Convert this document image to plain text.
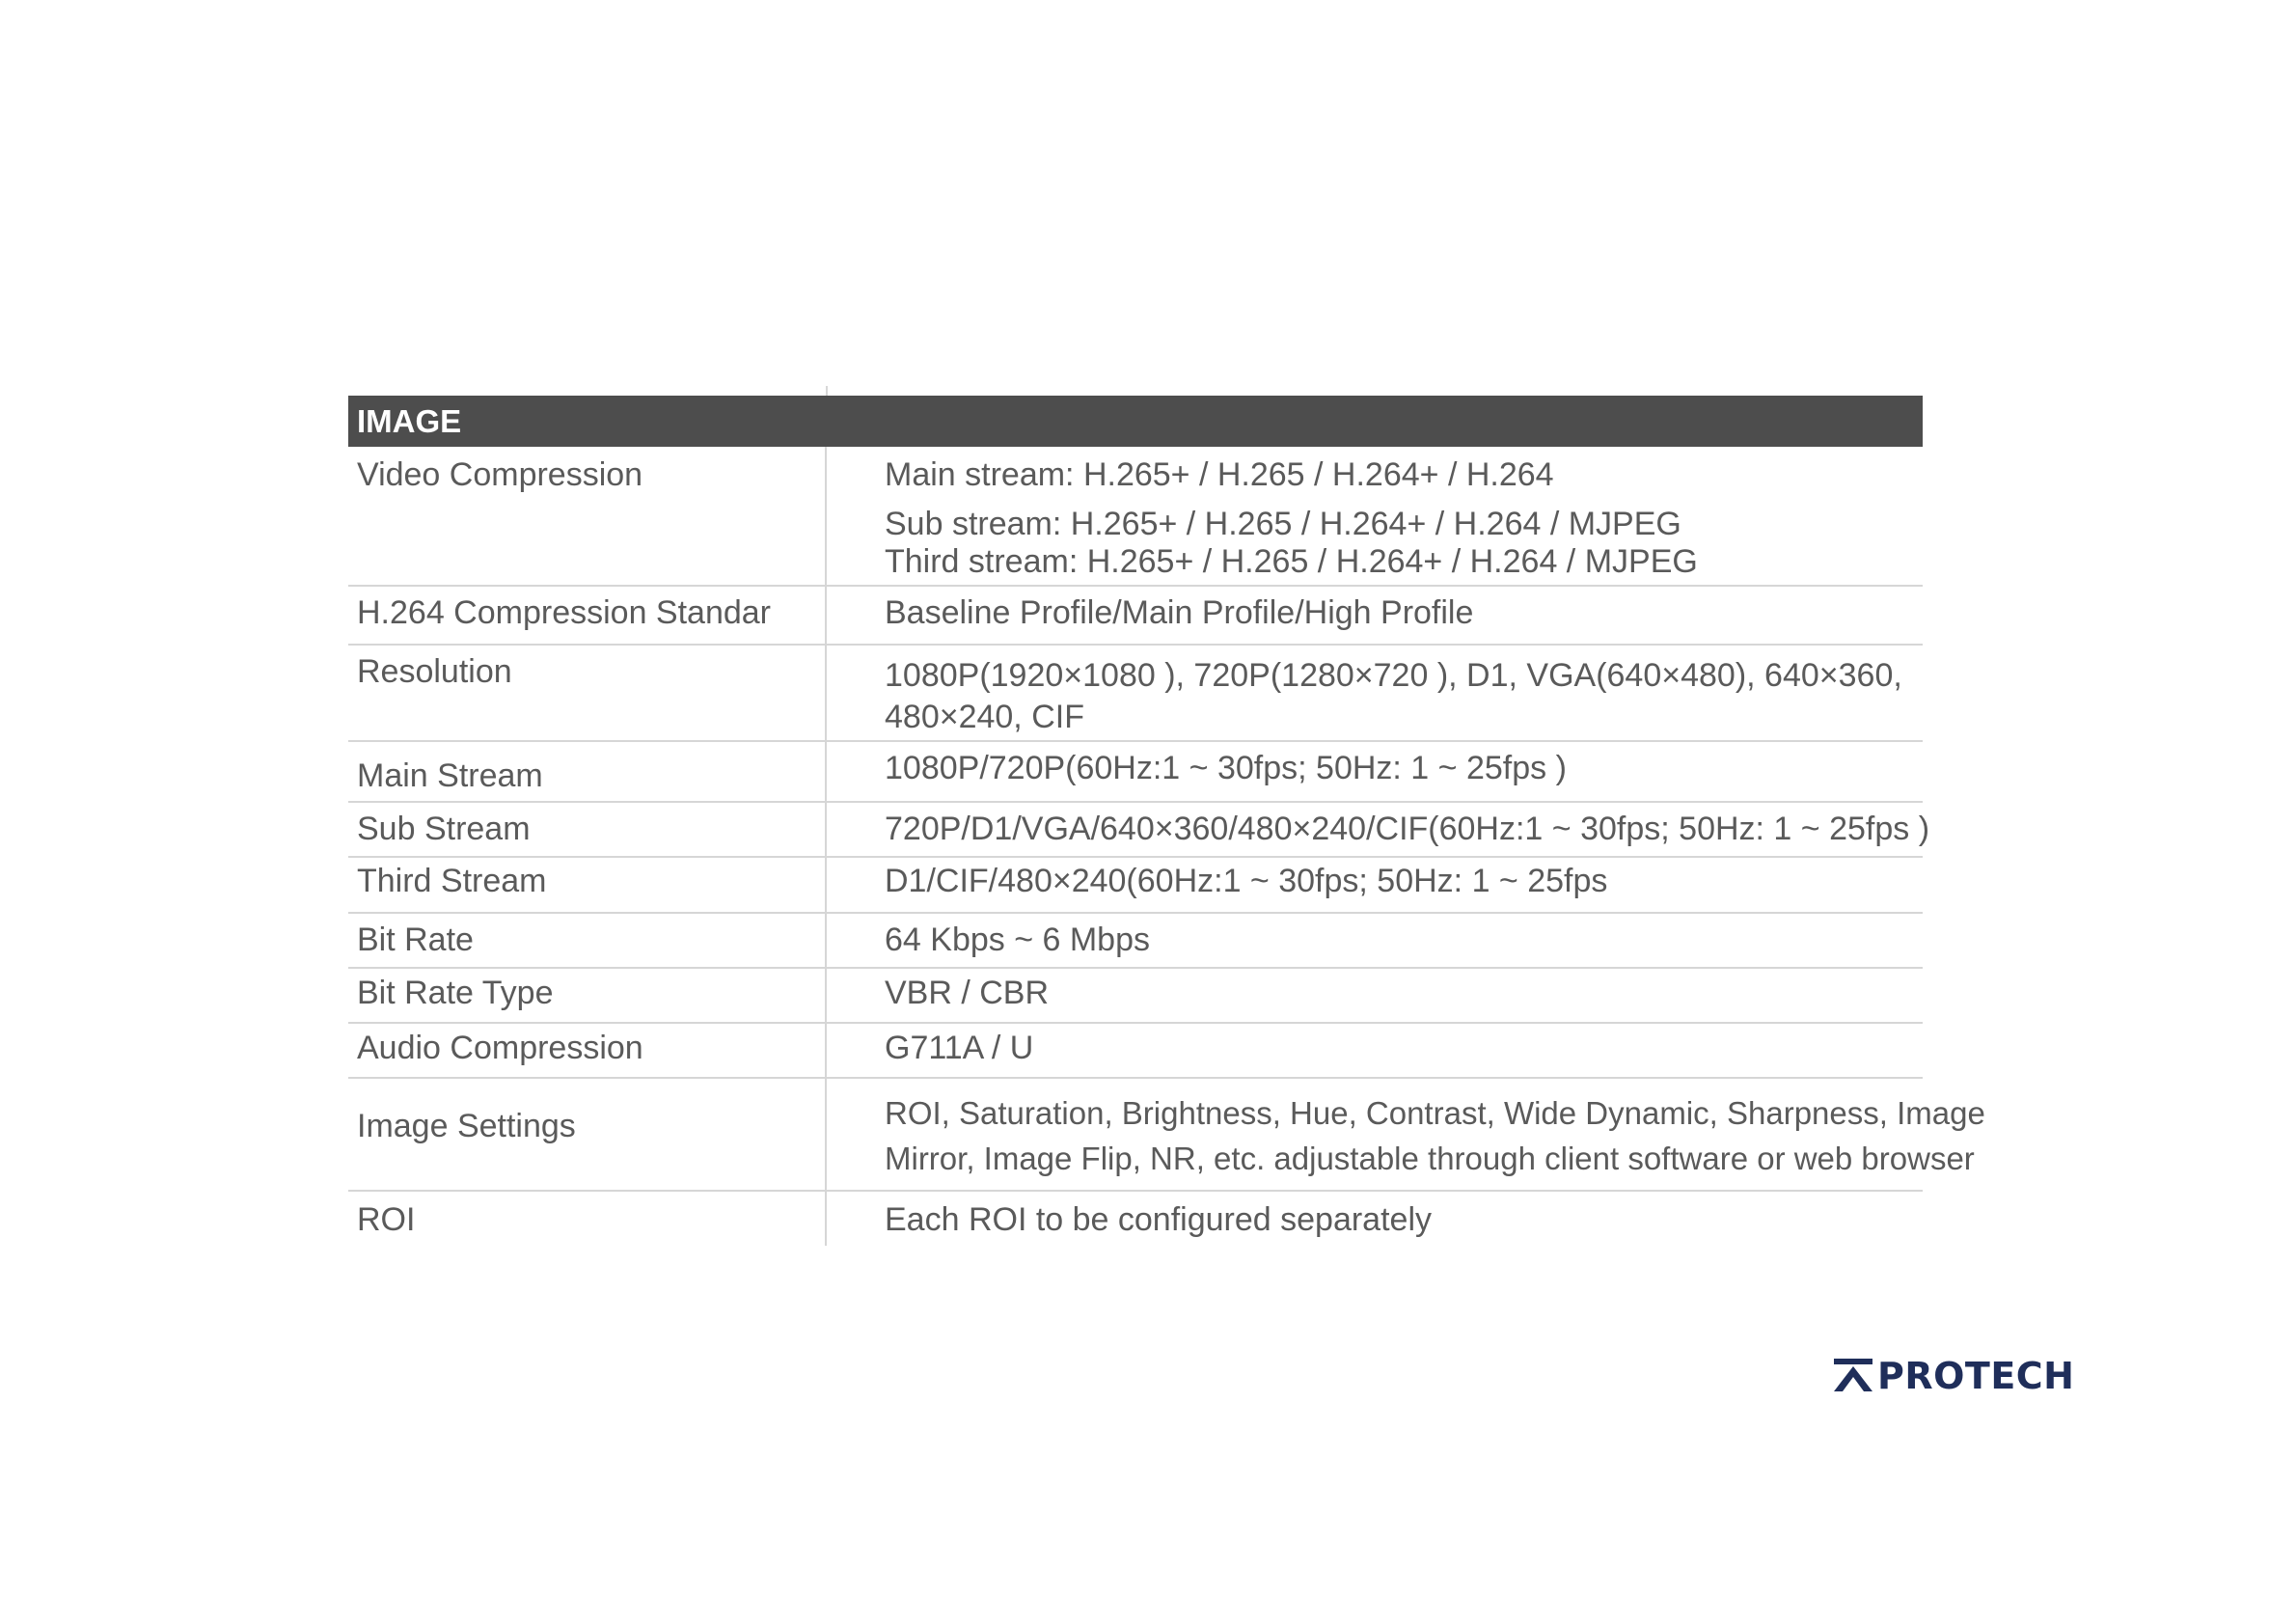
IMAGE
Video Compression	Main stream: H.265+ / H.265 / H.264+ / H.264
Sub stream: H.265+ / H.265 / H.264+ / H.264 / MJPEG
Third stream: H.265+ / H.265 / H.264+ / H.264 / MJPEG
H.264 Compression Standar	Baseline Profile/Main Profile/High Profile
Resolution	1080P(1920×1080 ), 720P(1280×720 ), D1, VGA(640×480), 640×360,
480×240, CIF
Main Stream	1080P/720P(60Hz:1 ~ 30fps; 50Hz: 1 ~ 25fps )
Sub Stream	720P/D1/VGA/640×360/480×240/CIF(60Hz:1 ~ 30fps; 50Hz: 1 ~ 25fps )
Third Stream	D1/CIF/480×240(60Hz:1 ~ 30fps; 50Hz: 1 ~ 25fps
Bit Rate	64 Kbps ~ 6 Mbps
Bit Rate Type	VBR / CBR
Audio Compression	G711A / U
Image Settings	ROI, Saturation, Brightness, Hue, Contrast, Wide Dynamic, Sharpness, Image
Mirror, Image Flip, NR, etc. adjustable through client software or web browser
ROI	Each ROI to be configured separately
PROTECH
